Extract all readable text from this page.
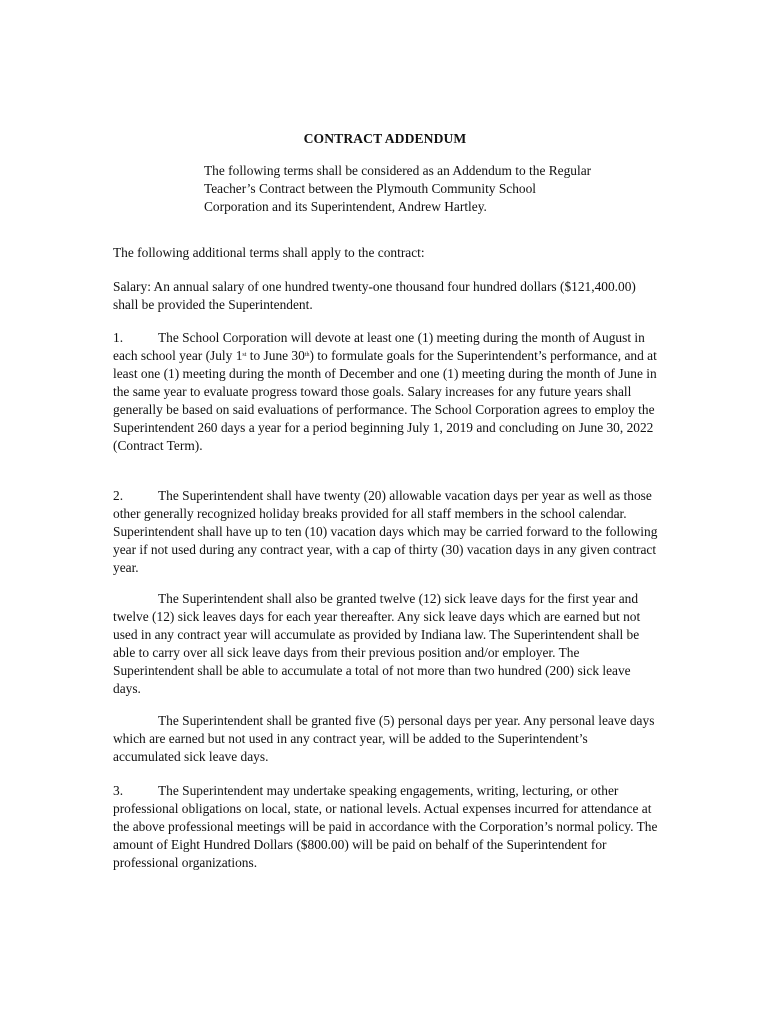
CONTRACT ADDENDUM

The following terms shall be considered as an Addendum to the Regular Teacher’s Contract between the Plymouth Community School Corporation and its Superintendent, Andrew Hartley.

The following additional terms shall apply to the contract:

Salary: An annual salary of one hundred twenty-one thousand four hundred dollars ($121,400.00) shall be provided the Superintendent.

1.	The School Corporation will devote at least one (1) meeting during the month of August in each school year (July 1st to June 30th) to formulate goals for the Superintendent’s performance, and at least one (1) meeting during the month of December and one (1) meeting during the month of June in the same year to evaluate progress toward those goals. Salary increases for any future years shall generally be based on said evaluations of performance. The School Corporation agrees to employ the Superintendent 260 days a year for a period beginning July 1, 2019 and concluding on June 30, 2022 (Contract Term).

2.	The Superintendent shall have twenty (20) allowable vacation days per year as well as those other generally recognized holiday breaks provided for all staff members in the school calendar. Superintendent shall have up to ten (10) vacation days which may be carried forward to the following year if not used during any contract year, with a cap of thirty (30) vacation days in any given contract year.

The Superintendent shall also be granted twelve (12) sick leave days for the first year and twelve (12) sick leaves days for each year thereafter. Any sick leave days which are earned but not used in any contract year will accumulate as provided by Indiana law. The Superintendent shall be able to carry over all sick leave days from their previous position and/or employer. The Superintendent shall be able to accumulate a total of not more than two hundred (200) sick leave days.

The Superintendent shall be granted five (5) personal days per year. Any personal leave days which are earned but not used in any contract year, will be added to the Superintendent’s accumulated sick leave days.

3.	The Superintendent may undertake speaking engagements, writing, lecturing, or other professional obligations on local, state, or national levels. Actual expenses incurred for attendance at the above professional meetings will be paid in accordance with the Corporation’s normal policy. The amount of Eight Hundred Dollars ($800.00) will be paid on behalf of the Superintendent for professional organizations.
